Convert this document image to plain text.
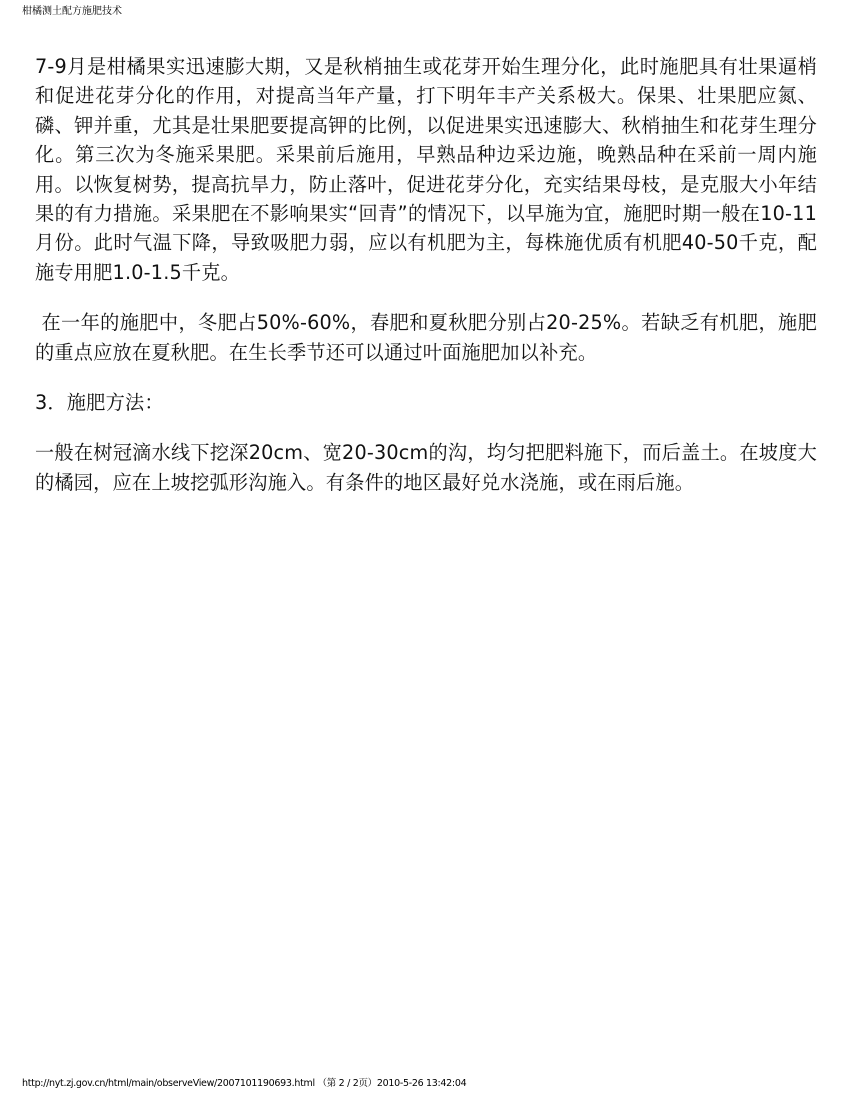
柑橘测土配方施肥技术

7-9月是柑橘果实迅速膨大期，又是秋梢抽生或花芽开始生理分化，此时施肥具有壮果逼梢和促进花芽分化的作用，对提高当年产量，打下明年丰产关系极大。保果、壮果肥应氮、磷、钾并重，尤其是壮果肥要提高钾的比例，以促进果实迅速膨大、秋梢抽生和花芽生理分化。第三次为冬施采果肥。采果前后施用，早熟品种边采边施，晚熟品种在采前一周内施用。以恢复树势，提高抗旱力，防止落叶，促进花芽分化，充实结果母枝，是克服大小年结果的有力措施。采果肥在不影响果实“回青”的情况下，以早施为宜，施肥时期一般在10-11月份。此时气温下降，导致吸肥力弱，应以有机肥为主，每株施优质有机肥40-50千克，配施专用肥1.0-1.5千克。

在一年的施肥中，冬肥占50%-60%，春肥和夏秋肥分别占20-25%。若缺乏有机肥，施肥的重点应放在夏秋肥。在生长季节还可以通过叶面施肥加以补充。

3．施肥方法：

一般在树冠滴水线下挖深20cm、宽20-30cm的沟，均匀把肥料施下，而后盖土。在坡度大的橘园，应在上坡挖弧形沟施入。有条件的地区最好兑水浇施，或在雨后施。

http://nyt.zj.gov.cn/html/main/observeView/2007101190693.html （第 2 / 2页）2010-5-26 13:42:04
